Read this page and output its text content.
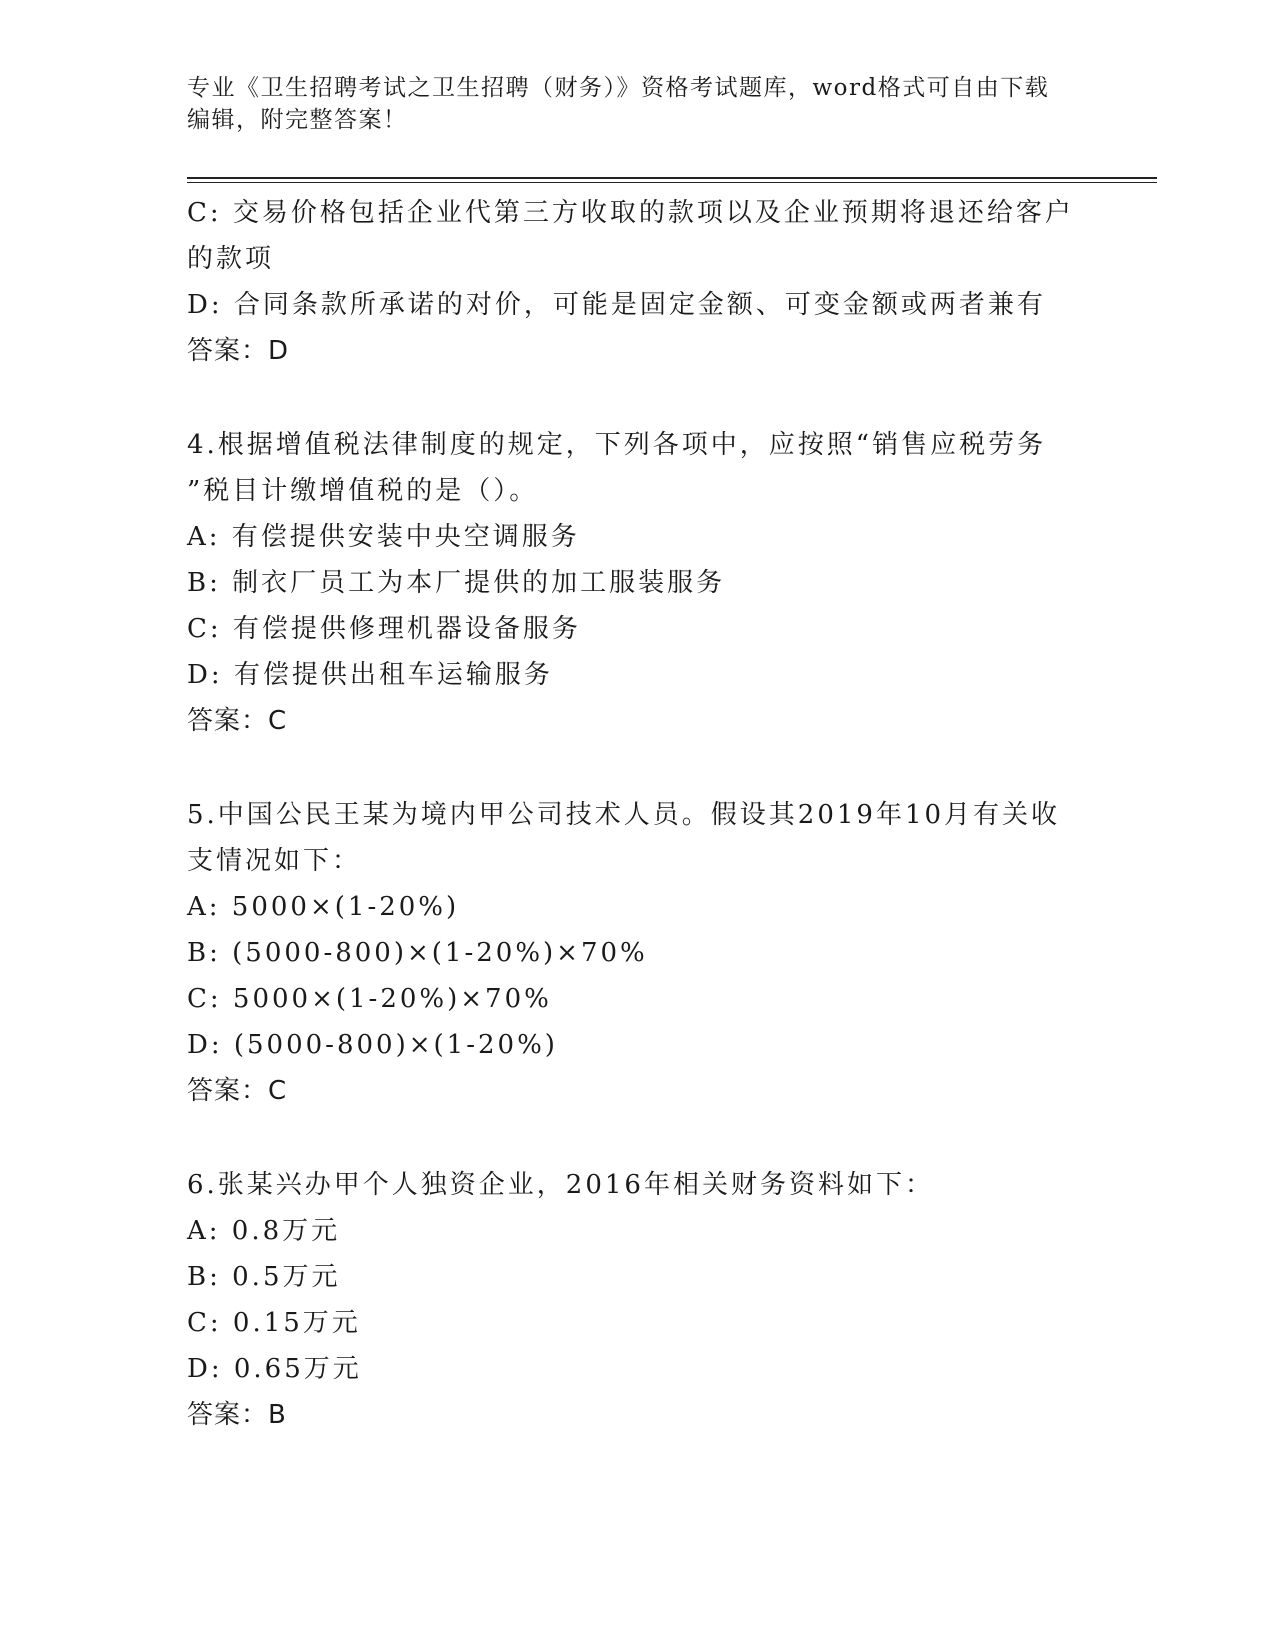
专业《卫生招聘考试之卫生招聘（财务）》资格考试题库，word格式可自由下载
编辑，附完整答案！
C: 交易价格包括企业代第三方收取的款项以及企业预期将退还给客户
的款项
D: 合同条款所承诺的对价，可能是固定金额、可变金额或两者兼有
答案：D
4.根据增值税法律制度的规定，下列各项中，应按照“销售应税劳务
”税目计缴增值税的是（）。
A: 有偿提供安装中央空调服务
B: 制衣厂员工为本厂提供的加工服装服务
C: 有偿提供修理机器设备服务
D: 有偿提供出租车运输服务
答案：C
5.中国公民王某为境内甲公司技术人员。假设其2019年10月有关收
支情况如下：
A: 5000×(1-20%)
B: (5000-800)×(1-20%)×70%
C: 5000×(1-20%)×70%
D: (5000-800)×(1-20%)
答案：C
6.张某兴办甲个人独资企业，2016年相关财务资料如下：
A: 0.8万元
B: 0.5万元
C: 0.15万元
D: 0.65万元
答案：B
